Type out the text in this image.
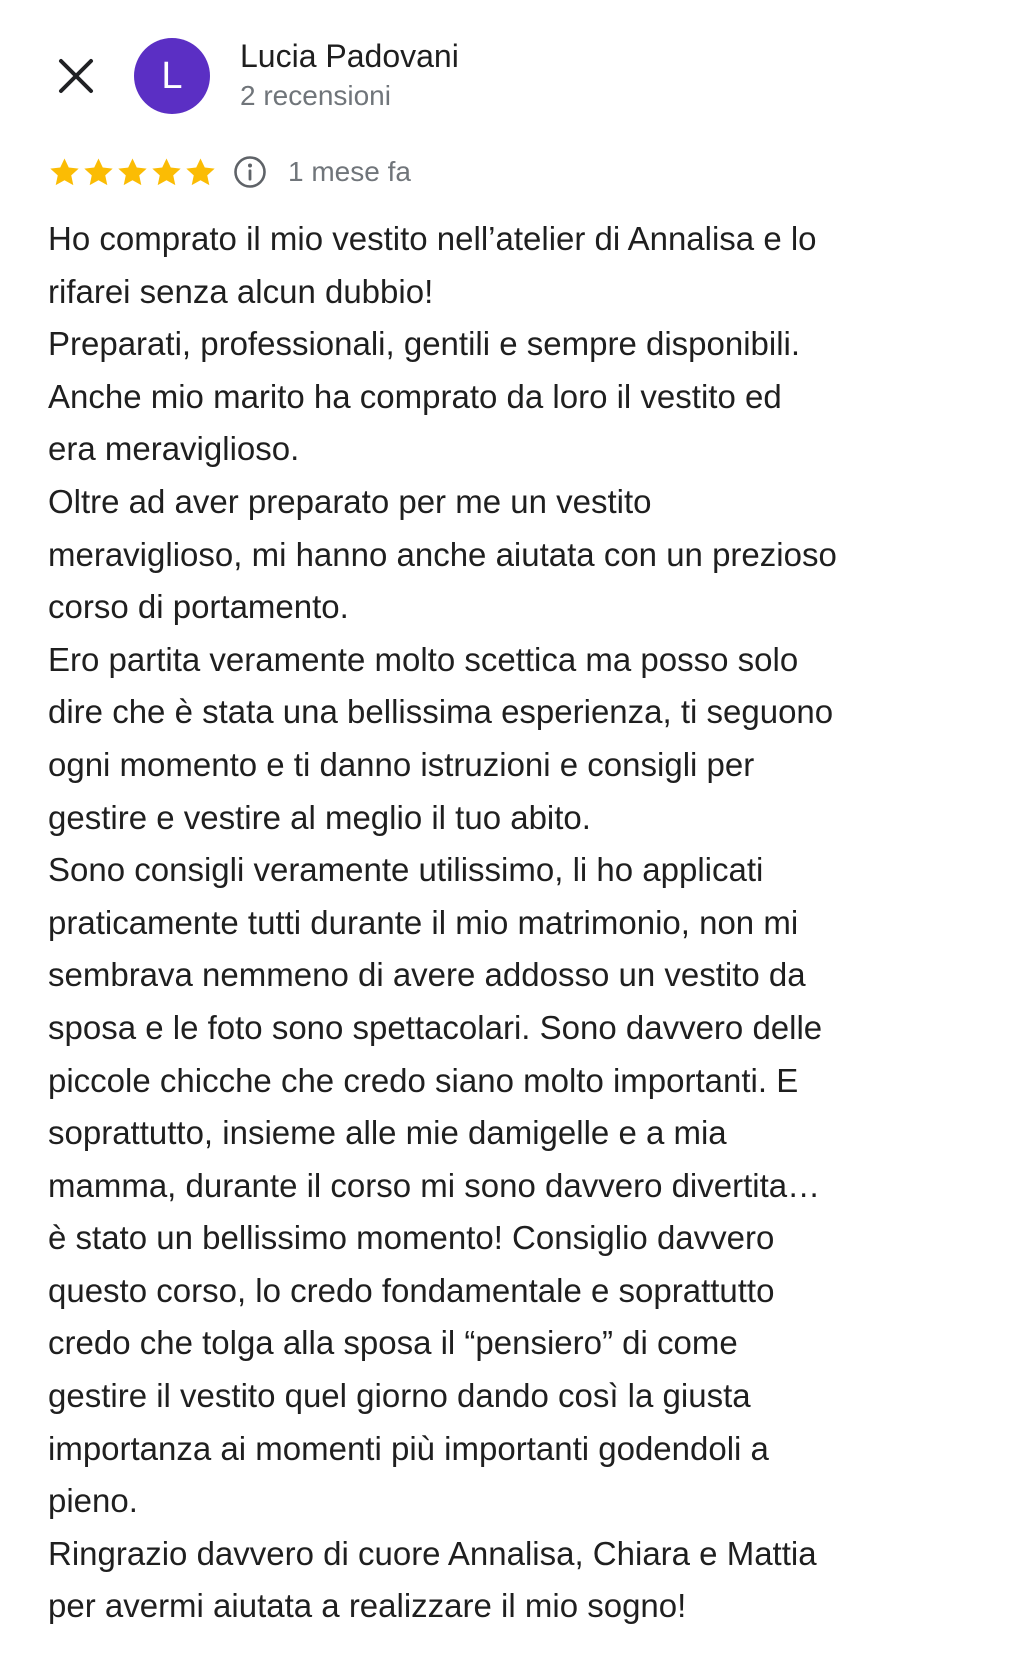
L Lucia Padovani
2 recensioni
1 mese fa
Ho comprato il mio vestito nell’atelier di Annalisa e lo
rifarei senza alcun dubbio!
Preparati, professionali, gentili e sempre disponibili.
Anche mio marito ha comprato da loro il vestito ed
era meraviglioso.
Oltre ad aver preparato per me un vestito
meraviglioso, mi hanno anche aiutata con un prezioso
corso di portamento.
Ero partita veramente molto scettica ma posso solo
dire che è stata una bellissima esperienza, ti seguono
ogni momento e ti danno istruzioni e consigli per
gestire e vestire al meglio il tuo abito.
Sono consigli veramente utilissimo, li ho applicati
praticamente tutti durante il mio matrimonio, non mi
sembrava nemmeno di avere addosso un vestito da
sposa e le foto sono spettacolari. Sono davvero delle
piccole chicche che credo siano molto importanti. E
soprattutto, insieme alle mie damigelle e a mia
mamma, durante il corso mi sono davvero divertita…
è stato un bellissimo momento! Consiglio davvero
questo corso, lo credo fondamentale e soprattutto
credo che tolga alla sposa il “pensiero” di come
gestire il vestito quel giorno dando così la giusta
importanza ai momenti più importanti godendoli a
pieno.
Ringrazio davvero di cuore Annalisa, Chiara e Mattia
per avermi aiutata a realizzare il mio sogno!
